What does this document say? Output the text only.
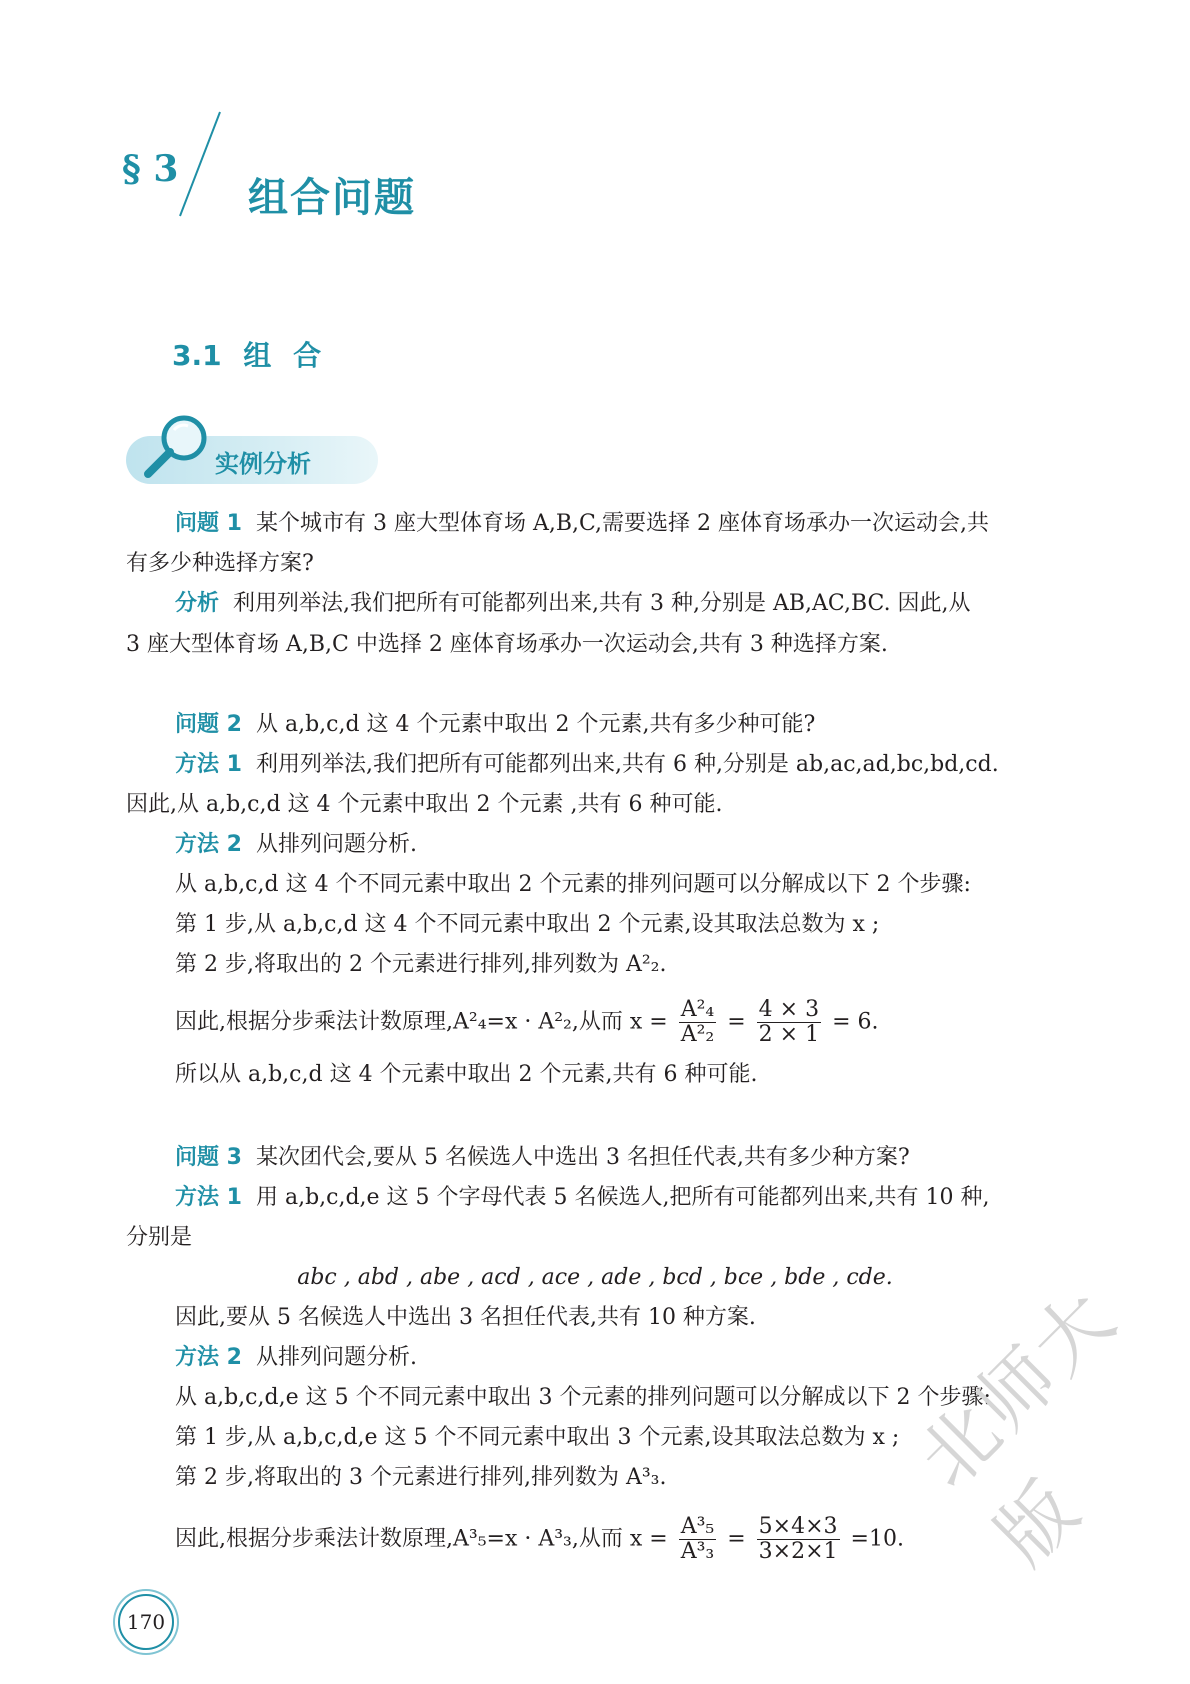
§ 3
组合问题
3.1 组 合
实例分析
问题 1 某个城市有 3 座大型体育场 A,B,C,需要选择 2 座体育场承办一次运动会,共
有多少种选择方案?
分析 利用列举法,我们把所有可能都列出来,共有 3 种,分别是 AB,AC,BC. 因此,从
3 座大型体育场 A,B,C 中选择 2 座体育场承办一次运动会,共有 3 种选择方案.
问题 2 从 a,b,c,d 这 4 个元素中取出 2 个元素,共有多少种可能?
方法 1 利用列举法,我们把所有可能都列出来,共有 6 种,分别是 ab,ac,ad,bc,bd,cd.
因此,从 a,b,c,d 这 4 个元素中取出 2 个元素 ,共有 6 种可能.
方法 2 从排列问题分析.
从 a,b,c,d 这 4 个不同元素中取出 2 个元素的排列问题可以分解成以下 2 个步骤:
第 1 步,从 a,b,c,d 这 4 个不同元素中取出 2 个元素,设其取法总数为 x ;
第 2 步,将取出的 2 个元素进行排列,排列数为 A²₂.
因此,根据分步乘法计数原理,A²₄=x · A²₂,从而 $x = \frac{\text{A²₄}}{\text{A²₂}} = \frac{4 \times 3}{2 \times 1} = 6$.
所以从 a,b,c,d 这 4 个元素中取出 2 个元素,共有 6 种可能.
问题 3 某次团代会,要从 5 名候选人中选出 3 名担任代表,共有多少种方案?
方法 1 用 a,b,c,d,e 这 5 个字母代表 5 名候选人,把所有可能都列出来,共有 10 种,
分别是
abc , abd , abe , acd , ace , ade , bcd , bce , bde , cde.
因此,要从 5 名候选人中选出 3 名担任代表,共有 10 种方案.
方法 2 从排列问题分析.
从 a,b,c,d,e 这 5 个不同元素中取出 3 个元素的排列问题可以分解成以下 2 个步骤:
第 1 步,从 a,b,c,d,e 这 5 个不同元素中取出 3 个元素,设其取法总数为 x ;
第 2 步,将取出的 3 个元素进行排列,排列数为 A³₃.
因此,根据分步乘法计数原理,A³₅=x · A³₃,从而 $x = \frac{\text{A³₅}}{\text{A³₃}} = \frac{5\times 4\times 3}{3\times 2\times 1} =10$.
170
北师大版
